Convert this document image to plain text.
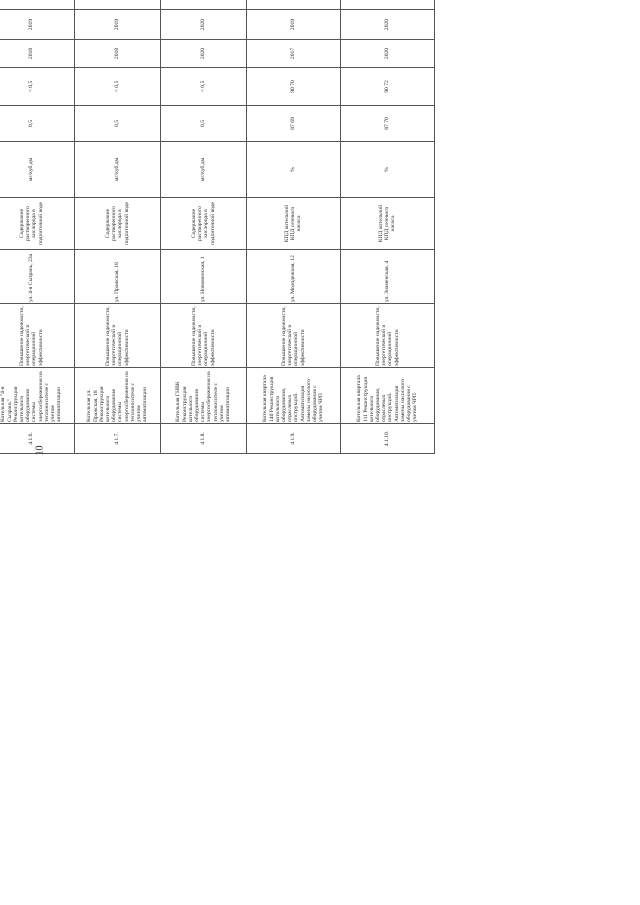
10

4.1.6.	Котельная "4-я Сызрань" Реконструкция котельного оборудования системы энергосбережения на теплоносителе с учетом автоматизации	Повышение надежности, энергетической и операционной эффективности	ул. 4-я Сызрань, 23а	Содержание растворенного кислорода в подпиточной воде	мг/куб.дм	0,5	< 0,5	2018	2019										
4.1.7.	Котельная ул. Пражская, 18 Реконструкция котельного оборудования системы энергосбережения на теплоносителе с учетом автоматизации	Повышение надежности, энергетической и операционной эффективности	ул. Пражская, 18	Содержание растворенного кислорода в подпиточной воде	мг/куб.дм	0,5	< 0,5	2018	2019										
4.1.8.	Котельная ГНВК Реконструкция котельного оборудования системы энергосбережения на теплоносителе с учетом автоматизации	Повышение надежности, энергетической и операционной эффективности	ул. Новоминская, 1	Содержание растворенного кислорода в подпиточной воде	мг/куб.дм	0,5	< 0,5	2020	2020										
4.1.9.	Котельная квартала 140 Реконструкция котельного оборудования, отраслевых инструкций. Автоматизация замены насосного оборудования с учетом ЧРП	Повышение надежности, энергетической и операционной эффективности	ул. Молодежная, 12	КПД котельной КПД сетевого насоса	%	87 69	90 70	2017	2019										
4.1.10.	Котельная квартала 111 Реконструкция котельного оборудования, отраслевых инструкций. Автоматизация замены насосного оборудования с учетом ЧРП	Повышение надежности, энергетической и операционной эффективности	ул. Знаменская, 4	КПД котельной КПД сетевого насоса	%	87 70	90 72	2020	2020										
